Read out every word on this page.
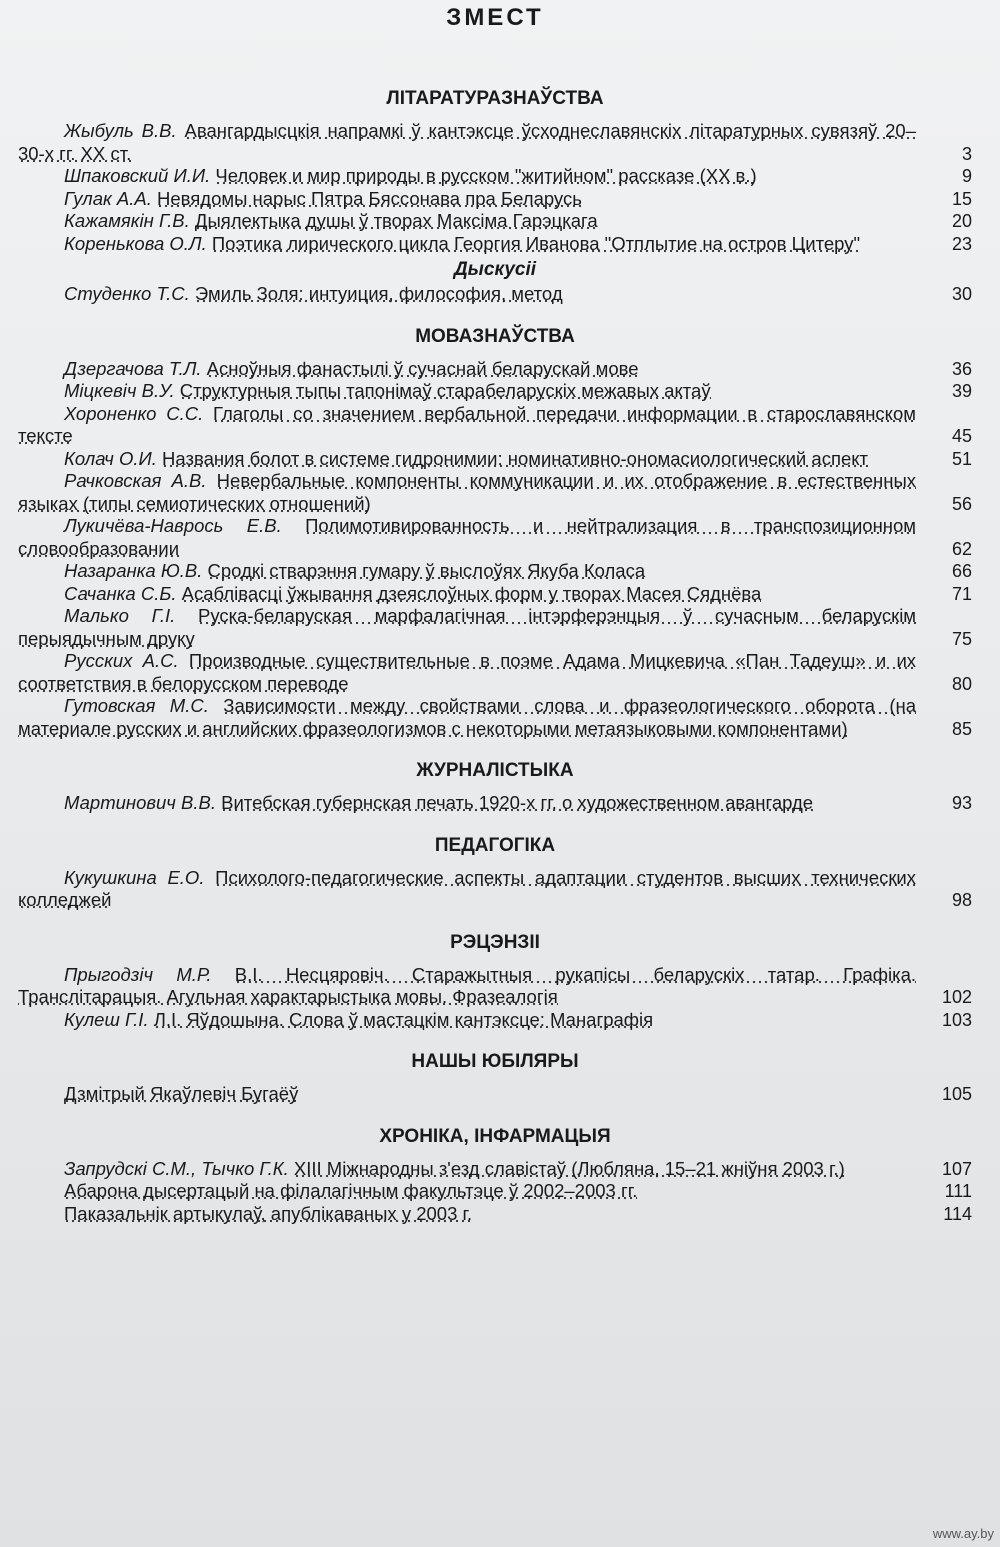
ЗМЕСТ
ЛІТАРАТУРАЗНАЎСТВА
Жыбуль В.В. Авангардысцкія напрамкі ў кантэксце ўсходнеславянскіх літаратурных сувязяў 20–30-х гг. ХХ ст.	3
Шпаковский И.И. Человек и мир природы в русском "житийном" рассказе (ХХ в.)	9
Гулак А.А. Невядомы нарыс Пятра Бяссонава пра Беларусь	15
Кажамякін Г.В. Дыялектыка душы ў творах Максіма Гарэцкага	20
Коренькова О.Л. Поэтика лирического цикла Георгия Иванова "Отплытие на остров Цитеру"	23
Дыскусіі
Студенко Т.С. Эмиль Золя: интуиция, философия, метод	30
МОВАЗНАЎСТВА
Дзергачова Т.Л. Асноўныя фанастылі ў сучаснай беларускай мове	36
Міцкевіч В.У. Структурныя тыпы тапонімаў старабеларускіх межавых актаў	39
Хороненко С.С. Глаголы со значением вербальной передачи информации в старославянском тексте	45
Колач О.И. Названия болот в системе гидронимии: номинативно-ономасиологический аспект	51
Рачковская А.В. Невербальные компоненты коммуникации и их отображение в естественных языках (типы семиотических отношений)	56
Лукичёва-Наврось Е.В. Полимотивированность и нейтрализация в транспозиционном словообразовании	62
Назаранка Ю.В. Сродкі стварэння гумару ў выслоўях Якуба Коласа	66
Сачанка С.Б. Асаблівасці ўжывання дзеяслоўных форм у творах Масея Сяднёва	71
Малько Г.І. Руска-беларуская марфалагічная інтэрферэнцыя ў сучасным беларускім перыядычным друку	75
Русских А.С. Производные существительные в поэме Адама Мицкевича «Пан Тадеуш» и их соответствия в белорусском переводе	80
Гутовская М.С. Зависимости между свойствами слова и фразеологического оборота (на материале русских и английских фразеологизмов с некоторыми метаязыковыми компонентами)	85
ЖУРНАЛІСТЫКА
Мартинович В.В. Витебская губернская печать 1920-х гг. о художественном авангарде	93
ПЕДАГОГІКА
Кукушкина Е.О. Психолого-педагогические аспекты адаптации студентов высших технических колледжей	98
РЭЦЭНЗІІ
Прыгодзіч М.Р. В.І. Несцяровіч. Старажытныя рукапісы беларускіх татар. Графіка. Транслітарацыя. Агульная характарыстыка мовы. Фразеалогія	102
Кулеш Г.І. Л.І. Яўдошына. Слова ў мастацкім кантэксце: Манаграфія	103
НАШЫ ЮБІЛЯРЫ
Дзмітрый Якаўлевіч Бугаёў	105
ХРОНІКА, ІНФАРМАЦЫЯ
Запрудскі С.М., Тычко Г.К. ХІІІ Міжнародны з'езд славістаў (Любляна, 15–21 жніўня 2003 г.)	107
Абарона дысертацый на філалагічным факультэце ў 2002–2003 гг.	111
Паказальнік артыкулаў, апублікаваных у 2003 г.	114
www.ay.by
